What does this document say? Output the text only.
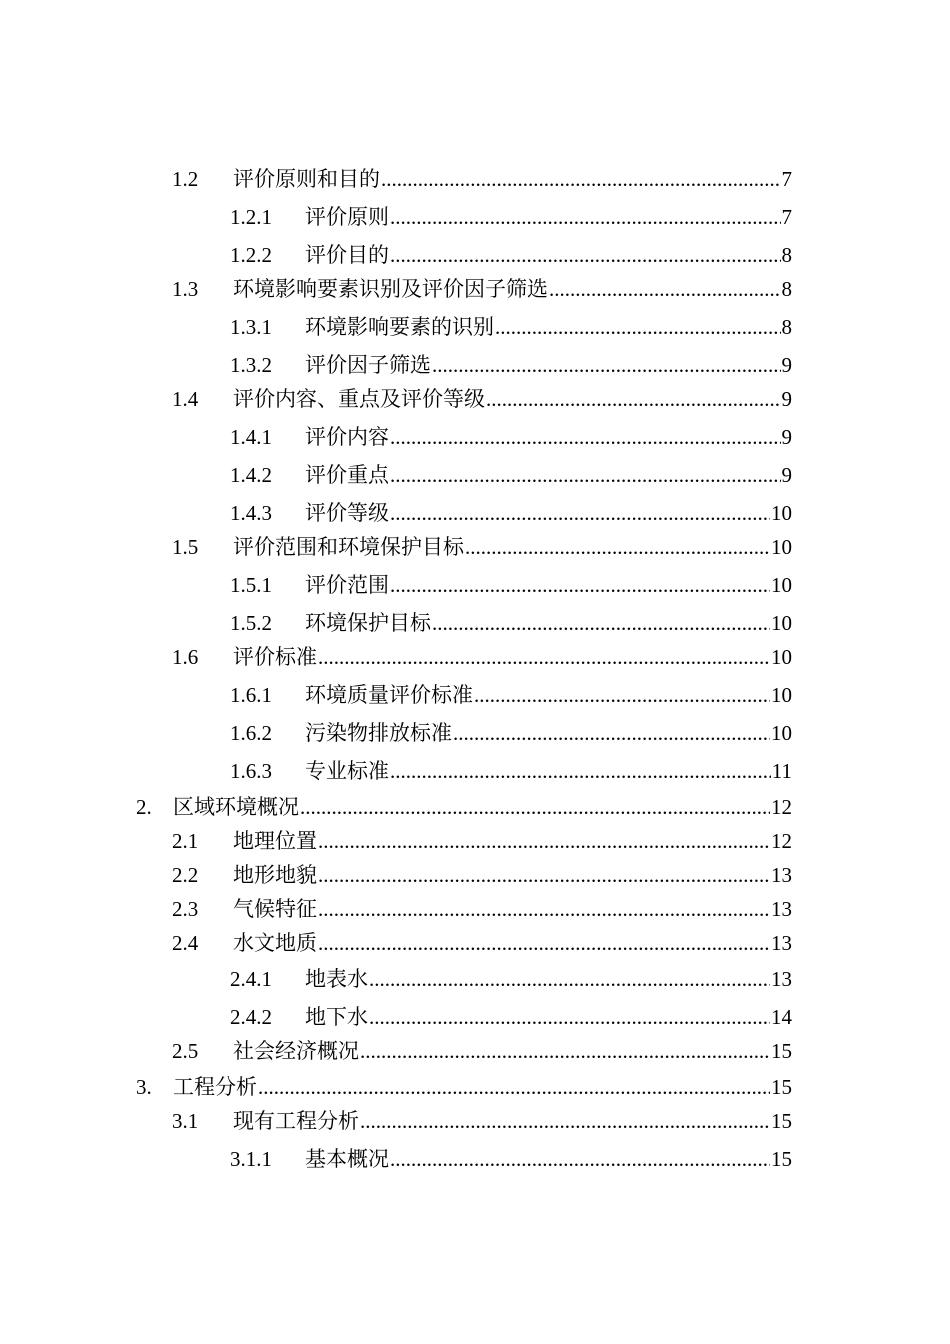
1.2	评价原则和目的 .....	7
1.2.1	评价原则 .....	7
1.2.2	评价目的 .....	8
1.3	环境影响要素识别及评价因子筛选 .....	8
1.3.1	环境影响要素的识别 .....	8
1.3.2	评价因子筛选 .....	9
1.4	评价内容、重点及评价等级 .....	9
1.4.1	评价内容 .....	9
1.4.2	评价重点 .....	9
1.4.3	评价等级 .....	10
1.5	评价范围和环境保护目标 .....	10
1.5.1	评价范围 .....	10
1.5.2	环境保护目标 .....	10
1.6	评价标准 .....	10
1.6.1	环境质量评价标准 .....	10
1.6.2	污染物排放标准 .....	10
1.6.3	专业标准 .....	11
2.	区域环境概况 .....	12
2.1	地理位置 .....	12
2.2	地形地貌 .....	13
2.3	气候特征 .....	13
2.4	水文地质 .....	13
2.4.1	地表水 .....	13
2.4.2	地下水 .....	14
2.5	社会经济概况 .....	15
3.	工程分析 .....	15
3.1	现有工程分析 .....	15
3.1.1	基本概况 .....	15
